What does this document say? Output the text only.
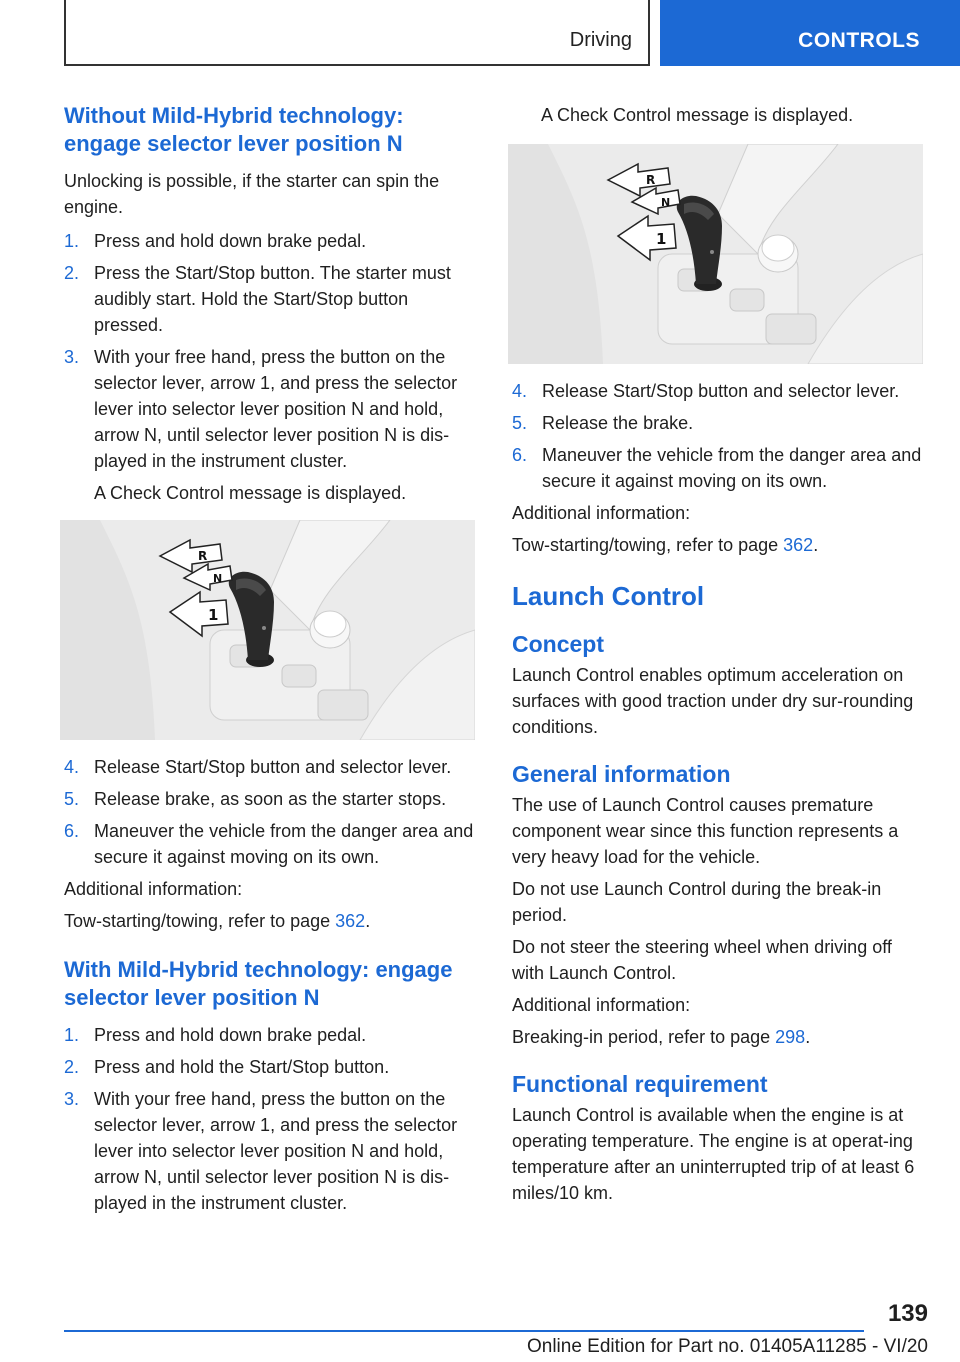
Driving	CONTROLS
Without Mild-Hybrid technology: engage selector lever position N

Unlocking is possible, if the starter can spin the engine.

1. Press and hold down brake pedal.
2. Press the Start/Stop button. The starter must audibly start. Hold the Start/Stop button pressed.
3. With your free hand, press the button on the selector lever, arrow 1, and press the selector lever into selector lever position N and hold, arrow N, until selector lever position N is dis-played in the instrument cluster.

A Check Control message is displayed.

R
N
1
4. Release Start/Stop button and selector lever.
5. Release brake, as soon as the starter stops.
6. Maneuver the vehicle from the danger area and secure it against moving on its own.

Additional information:

Tow-starting/towing, refer to page 362.

With Mild-Hybrid technology: engage selector lever position N
1. Press and hold down brake pedal.
2. Press and hold the Start/Stop button.
3. With your free hand, press the button on the selector lever, arrow 1, and press the selector lever into selector lever position N and hold, arrow N, until selector lever position N is dis-played in the instrument cluster.

A Check Control message is displayed.

R
N
1
4. Release Start/Stop button and selector lever.
5. Release the brake.
6. Maneuver the vehicle from the danger area and secure it against moving on its own.

Additional information:

Tow-starting/towing, refer to page 362.

Launch Control
Concept

Launch Control enables optimum acceleration on surfaces with good traction under dry sur-rounding conditions.

General information

The use of Launch Control causes premature component wear since this function represents a very heavy load for the vehicle.

Do not use Launch Control during the break-in period.

Do not steer the steering wheel when driving off with Launch Control.

Additional information:

Breaking-in period, refer to page 298.

Functional requirement

Launch Control is available when the engine is at operating temperature. The engine is at operat-ing temperature after an uninterrupted trip of at least 6 miles/10 km.

139
Online Edition for Part no. 01405A11285 - VI/20
